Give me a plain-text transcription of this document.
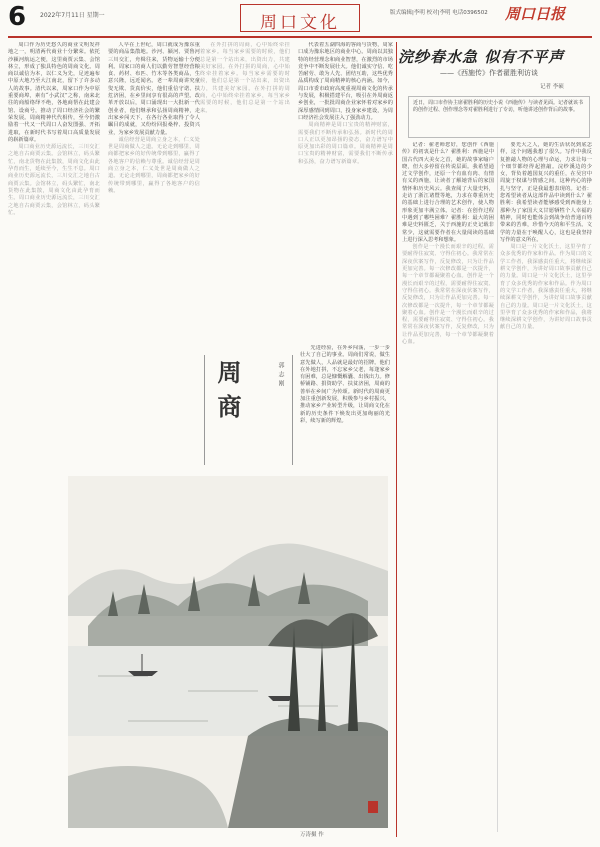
6 2022年7月11日 星期一	周口文化	版式编辑|李明 校对|李明 电话0396502 周口日报

周口作为历史悠久的商业文明发祥地之一，明清两代商业十分繁荣。依托沙颍河航运之便，这里商贾云集、会馆林立，形成了独具特色的周商文化。周商以诚信为本，以仁义为先，足迹遍布中原大地乃至大江南北，留下了许多动人的故事。清代以来，周家口作为中原重要商埠，素有“小武汉”之称，南来北往的商船络绎不绝，各地商帮在此建会馆、设商号，推动了周口经济社会的繁荣发展。周商精神代代相传，至今仍激励着一代又一代周口人奋发图强、开拓进取，在新时代书写着周口高质量发展的崭新篇章。

周口商业历史源远流长，三川交汇之地自古商贾云集。会馆林立，码头繁忙，南北货物在此集散，周商文化由此孕育而生，延续至今，生生不息。周口商业历史源远流长，三川交汇之地自古商贾云集。会馆林立，码头繁忙，南北货物在此集散，周商文化由此孕育而生。周口商业历史源远流长，三川交汇之地自古商贾云集，会馆林立，码头繁忙。

人早在上世纪，周口就成为豫东重要的商品集散地。沙河、颍河、贾鲁河三川交汇，舟楫往来，货物运输十分便利。周家口的商人们以勤劳智慧经营粮食、药材、布匹、竹木等各类商品，生意兴隆，远近闻名。老一辈周商讲究童叟无欺、货真价实，他们重信守诺、扶危济困，在乡里间享有很高的声望。改革开放以后，周口涌现出一大批新一代创业者，他们继承和弘扬周商精神，走出家乡闯天下，在各行各业取得了令人瞩目的成就，又纷纷回报桑梓、投资兴业，为家乡发展贡献力量。

诚信经营是周商立身之本，仁义处世是周商做人之道。无论走到哪里，周商都把家乡的好传统带到哪里，赢得了各地客户的信赖与尊重。诚信经营是周商立身之本，仁义处世是周商做人之道。无论走到哪里，周商都把家乡的好传统带到哪里，赢得了各地客户的信赖。

在外打拼的周商，心中始终牵挂着家乡。每当家乡需要的时候，他们总是第一个站出来，出资出力，共建美好家园。在外打拼的周商，心中始终牵挂着家乡。每当家乡需要的时候，他们总是第一个站出来，出资出力，共建美好家园。在外打拼的周商，心中始终牵挂着家乡，每当家乡需要的时候，他们总是第一个站出来。

代表着五湖四海的客商与货物，周家口成为豫东地区的商业中心。周商以其独特的经营理念和商业智慧，在激烈的市场竞争中不断发展壮大。他们诚实守信、吃苦耐劳、敢为人先、团结互助，这些优秀品质构成了周商精神的核心内涵。如今，周口市委市政府高度重视周商文化的传承与发展，积极搭建平台，吸引在外周商返乡创业，一批批周商企业家怀着对家乡的深厚感情回到周口，投身家乡建设，为周口经济社会发展注入了强劲动力。

周商精神是周口宝贵的精神财富，需要我们不断传承和弘扬。新时代的周口人正以更加昂扬的姿态，奋力谱写中原更加出彩的周口篇章。周商精神是周口宝贵的精神财富，需要我们不断传承和弘扬，奋力谱写新篇章。

先进经验，在外乡闯荡，一步一步壮大了自己的事业。周商们常说，做生意先做人，人品就是最好的招牌。他们在外地打拼，不忘家乡父老，每逢家乡有困难，总是慷慨解囊、出钱出力。修桥铺路、捐资助学、扶贫济困，周商的善举在乡间广为传颂。新时代的周商更加注重创新发展，积极参与乡村振兴，推动家乡产业转型升级，让周商文化在新的历史条件下焕发出更加绚丽的光彩，续写新的辉煌。

周商	郭志刚
浣纱春水急 似有不平声
——《西施传》作者翟胜利访谈
记者 李硕
近日，周口市作协主席翟胜利的历史小说《西施传》与读者见面。记者就该书的创作过程、创作理念等对翟胜利进行了专访，听他讲述创作背后的故事。

记者：翟老师您好，您创作《西施传》的初衷是什么？翟胜利：西施是中国古代四大美女之首，她的故事家喻户晓，但大多停留在传说层面。我希望通过文学创作，还原一个有血有肉、有情有义的西施，让读者了解她背后的家国情怀和历史风云。我查阅了大量史料，走访了浙江诸暨等地，力求在尊重历史的基础上进行合理的艺术创作，使人物形象更加丰满立体。记者：在创作过程中遇到了哪些困难？翟胜利：最大的困难是史料匮乏，关于西施的正史记载非常少，这就需要作者在大量阅读的基础上进行深入思考和想象。

创作是一个漫长而艰辛的过程，需要耐得住寂寞、守得住初心。我常常在深夜伏案写作，反复修改，只为让作品更加完善。每一次修改都是一次提升，每一个章节都凝聚着心血。创作是一个漫长而艰辛的过程，需要耐得住寂寞、守得住初心。我常常在深夜伏案写作，反复修改，只为让作品更加完善。每一次修改都是一次提升，每一个章节都凝聚着心血。创作是一个漫长而艰辛的过程，需要耐得住寂寞、守得住初心。我常常在深夜伏案写作，反复修改，只为让作品更加完善，每一个章节都凝聚着心血。

要光大之人，她的生活状况到底怎样，这个问题我想了很久。写作中我反复推敲人物的心理与命运，力求让每一个细节都经得起推敲。浣纱溪边的少女，背负着越国复兴的重任，在吴宫中周旋于权谋与情感之间，这种内心的挣扎与坚守，正是我最想表现的。记者：您希望读者从这部作品中读到什么？翟胜利：我希望读者能够感受到西施身上那种为了家国大义甘愿牺牲个人幸福的精神，同时也能体会到战争给普通百姓带来的苦难，珍惜今天的和平生活。文学的力量在于唤醒人心，这也是我坚持写作的意义所在。

周口是一片文化沃土，这里孕育了众多优秀的作家和作品。作为周口的文学工作者，我深感责任重大，将继续深耕文学创作，为讲好周口故事贡献自己的力量。周口是一片文化沃土，这里孕育了众多优秀的作家和作品。作为周口的文学工作者，我深感责任重大，将继续深耕文学创作，为讲好周口故事贡献自己的力量。周口是一片文化沃土，这里孕育了众多优秀的作家和作品，我将继续深耕文学创作，为讲好周口故事贡献自己的力量。

万涛摄 作
